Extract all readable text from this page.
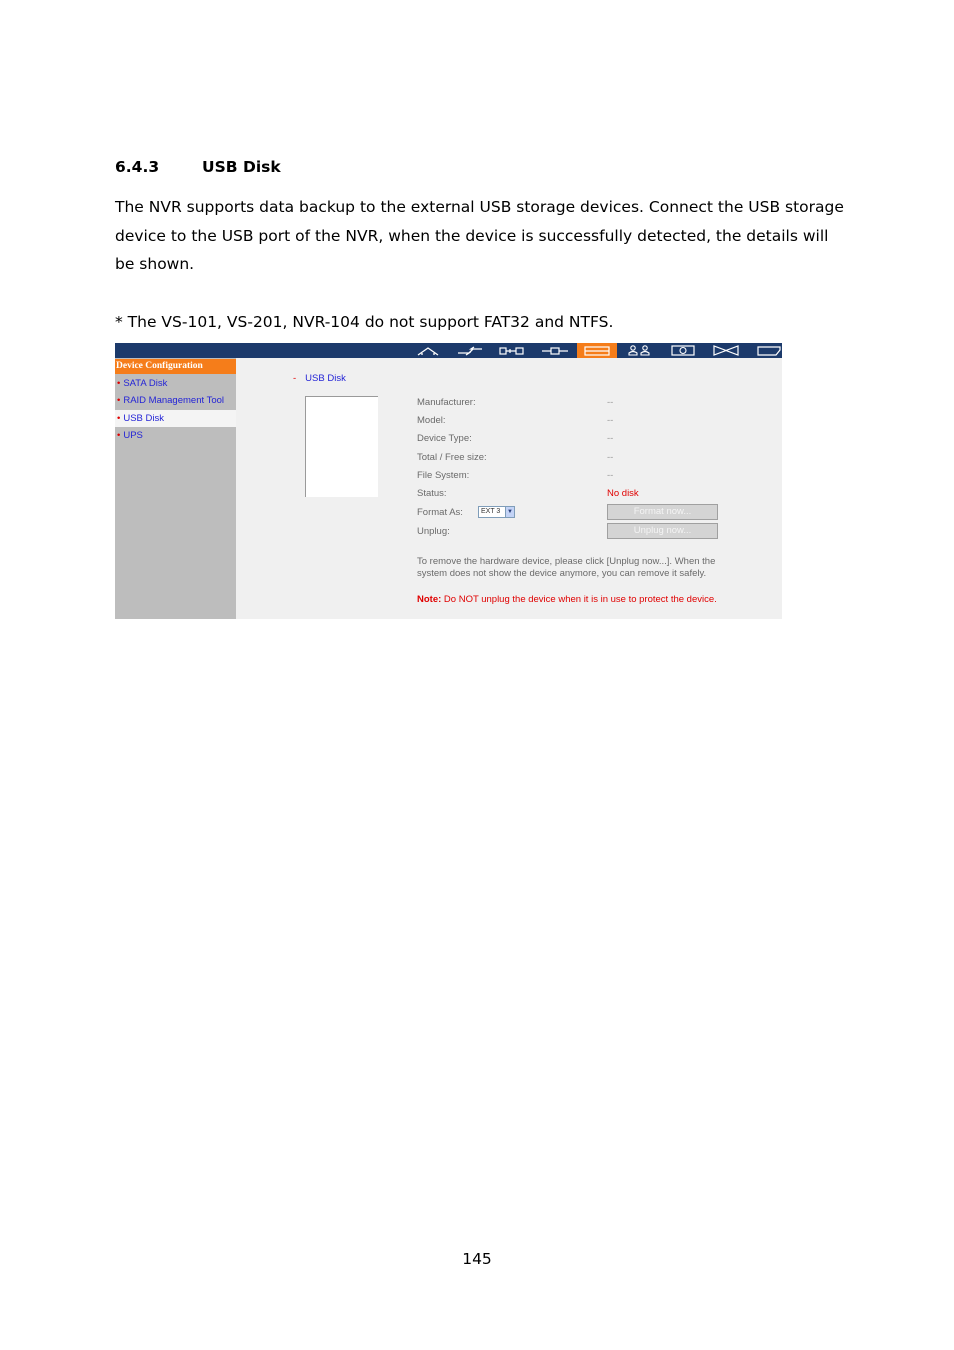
6.4.3	USB Disk

The NVR supports data backup to the external USB storage devices. Connect the USB storage device to the USB port of the NVR, when the device is successfully detected, the details will be shown.

* The VS-101, VS-201, NVR-104 do not support FAT32 and NTFS.

Device Configuration
• SATA Disk
• RAID Management Tool
• USB Disk
• UPS
- USB Disk
Manufacturer:	--
Model:	--
Device Type:	--
Total / Free size:	--
File System:	--
Status:	No disk
Format As:	EXT 3	▼	Format now...
Unplug:	Unplug now...
To remove the hardware device, please click [Unplug now...]. When the system does not show the device anymore, you can remove it safely.
Note: Do NOT unplug the device when it is in use to protect the device.
145
